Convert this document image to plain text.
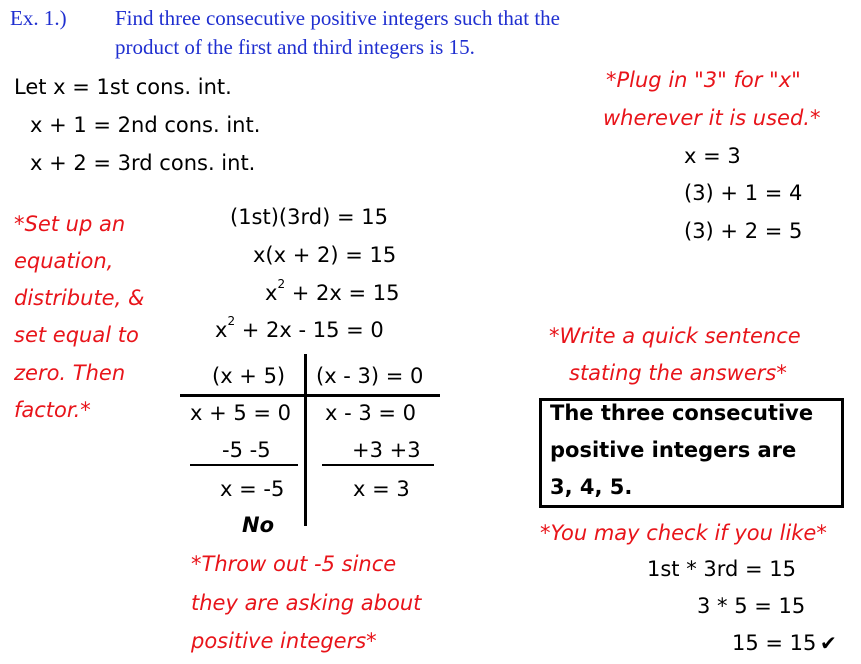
Ex. 1.) Find three consecutive positive integers such that the
product of the first and third integers is 15.
Let x = 1st cons. int.
x + 1 = 2nd cons. int.
x + 2 = 3rd cons. int.
*Set up an
equation,
distribute, &
set equal to
zero. Then
factor.*
(1st)(3rd) = 15
x(x + 2) = 15
$x^2 + 2x = 15$
$x^2 + 2x - 15 = 0$
(x + 5) (x - 3) = 0
x + 5 = 0
-5 -5
x = -5
No
x - 3 = 0
+3 +3
x = 3
*Throw out -5 since
they are asking about
positive integers*
*Plug in "3" for "x"
wherever it is used.*
x = 3
(3) + 1 = 4
(3) + 2 = 5
*Write a quick sentence
stating the answers*
The three consecutive
positive integers are
3, 4, 5.
*You may check if you like*
1st * 3rd = 15
3 * 5 = 15
15 = 15 ✔
